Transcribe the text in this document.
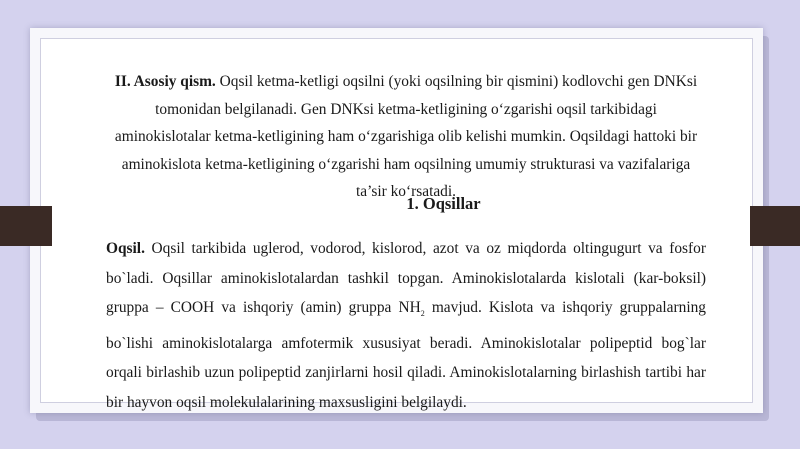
II. Asosiy qism. Oqsil ketma-ketligi oqsilni (yoki oqsilning bir qismini) kodlovchi gen DNKsi tomonidan belgilanadi. Gen DNKsi ketma-ketligining o‘zgarishi oqsil tarkibidagi aminokislotalar ketma-ketligining ham o‘zgarishiga olib kelishi mumkin. Oqsildagi hattoki bir aminokislota ketma-ketligining o‘zgarishi ham oqsilning umumiy strukturasi va vazifalariga ta’sir ko‘rsatadi.

1. Oqsillar

Oqsil. Oqsil tarkibida uglerod, vodorod, kislorod, azot va oz miqdorda oltingugurt va fosfor bo`ladi. Oqsillar aminokislotalardan tashkil topgan. Aminokislotalarda kislotali (kar-boksil) gruppa – COOH va ishqoriy (amin) gruppa $NH_2$ mavjud. Kislota va ishqoriy gruppalarning bo`lishi aminokislotalarga amfotermik xususiyat beradi. Aminokislotalar polipeptid bog`lar orqali birlashib uzun polipeptid zanjirlarni hosil qiladi. Aminokislotalarning birlashish tartibi har bir hayvon oqsil molekulalarining maxsusligini belgilaydi.
